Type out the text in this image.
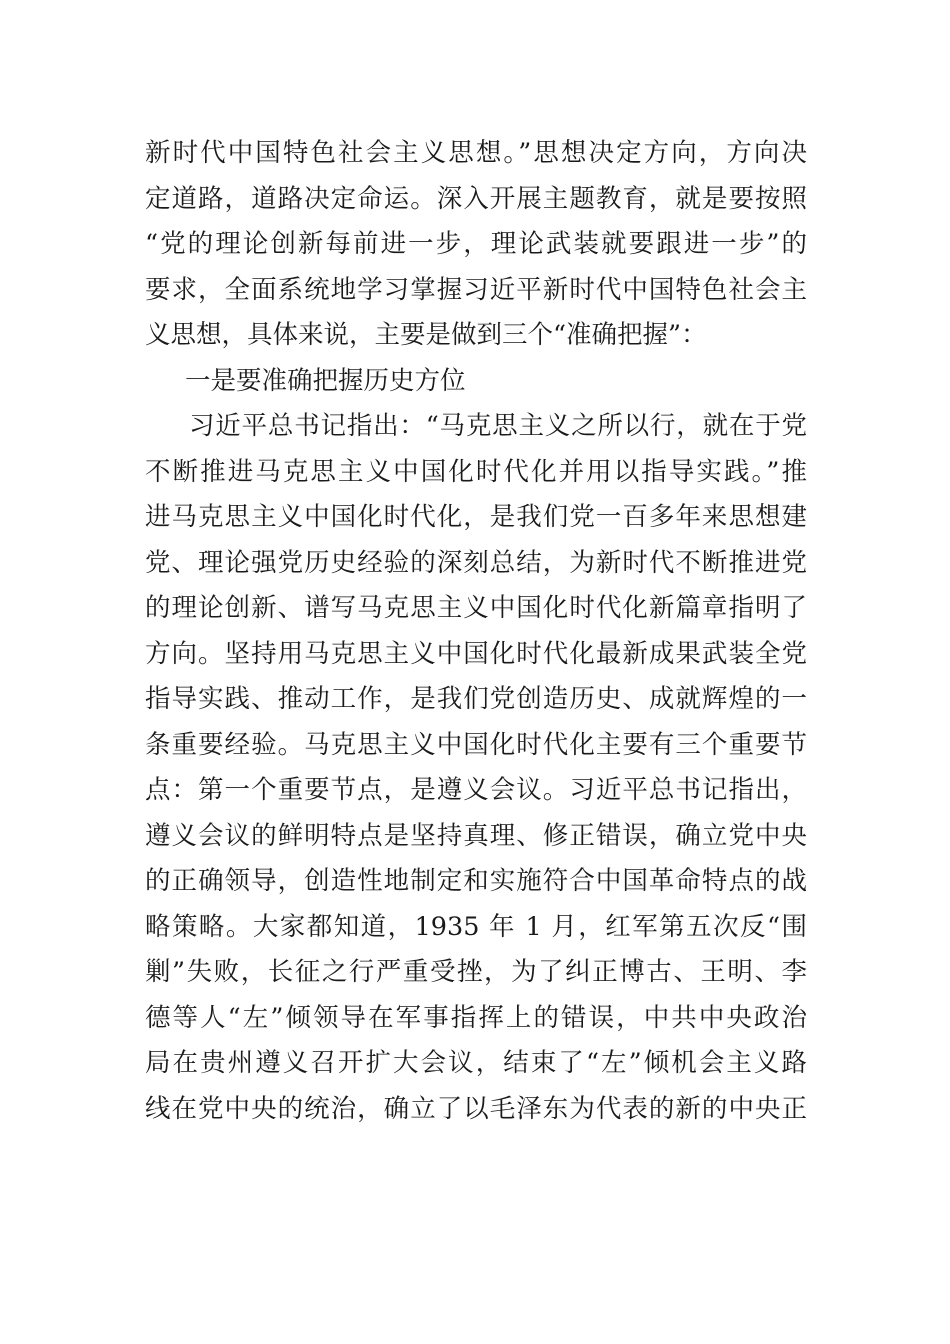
新时代中国特色社会主义思想。”思想决定方向，方向决
定道路，道路决定命运。深入开展主题教育，就是要按照
“党的理论创新每前进一步，理论武装就要跟进一步”的
要求，全面系统地学习掌握习近平新时代中国特色社会主
义思想，具体来说，主要是做到三个“准确把握”：
一是要准确把握历史方位
习近平总书记指出：“马克思主义之所以行，就在于党
不断推进马克思主义中国化时代化并用以指导实践。”推
进马克思主义中国化时代化，是我们党一百多年来思想建
党、理论强党历史经验的深刻总结，为新时代不断推进党
的理论创新、谱写马克思主义中国化时代化新篇章指明了
方向。坚持用马克思主义中国化时代化最新成果武装全党
指导实践、推动工作，是我们党创造历史、成就辉煌的一
条重要经验。马克思主义中国化时代化主要有三个重要节
点：第一个重要节点，是遵义会议。习近平总书记指出，
遵义会议的鲜明特点是坚持真理、修正错误，确立党中央
的正确领导，创造性地制定和实施符合中国革命特点的战
略策略。大家都知道，1935 年 1 月，红军第五次反“围
剿”失败，长征之行严重受挫，为了纠正博古、王明、李
德等人“左”倾领导在军事指挥上的错误，中共中央政治
局在贵州遵义召开扩大会议，结束了“左”倾机会主义路
线在党中央的统治，确立了以毛泽东为代表的新的中央正
